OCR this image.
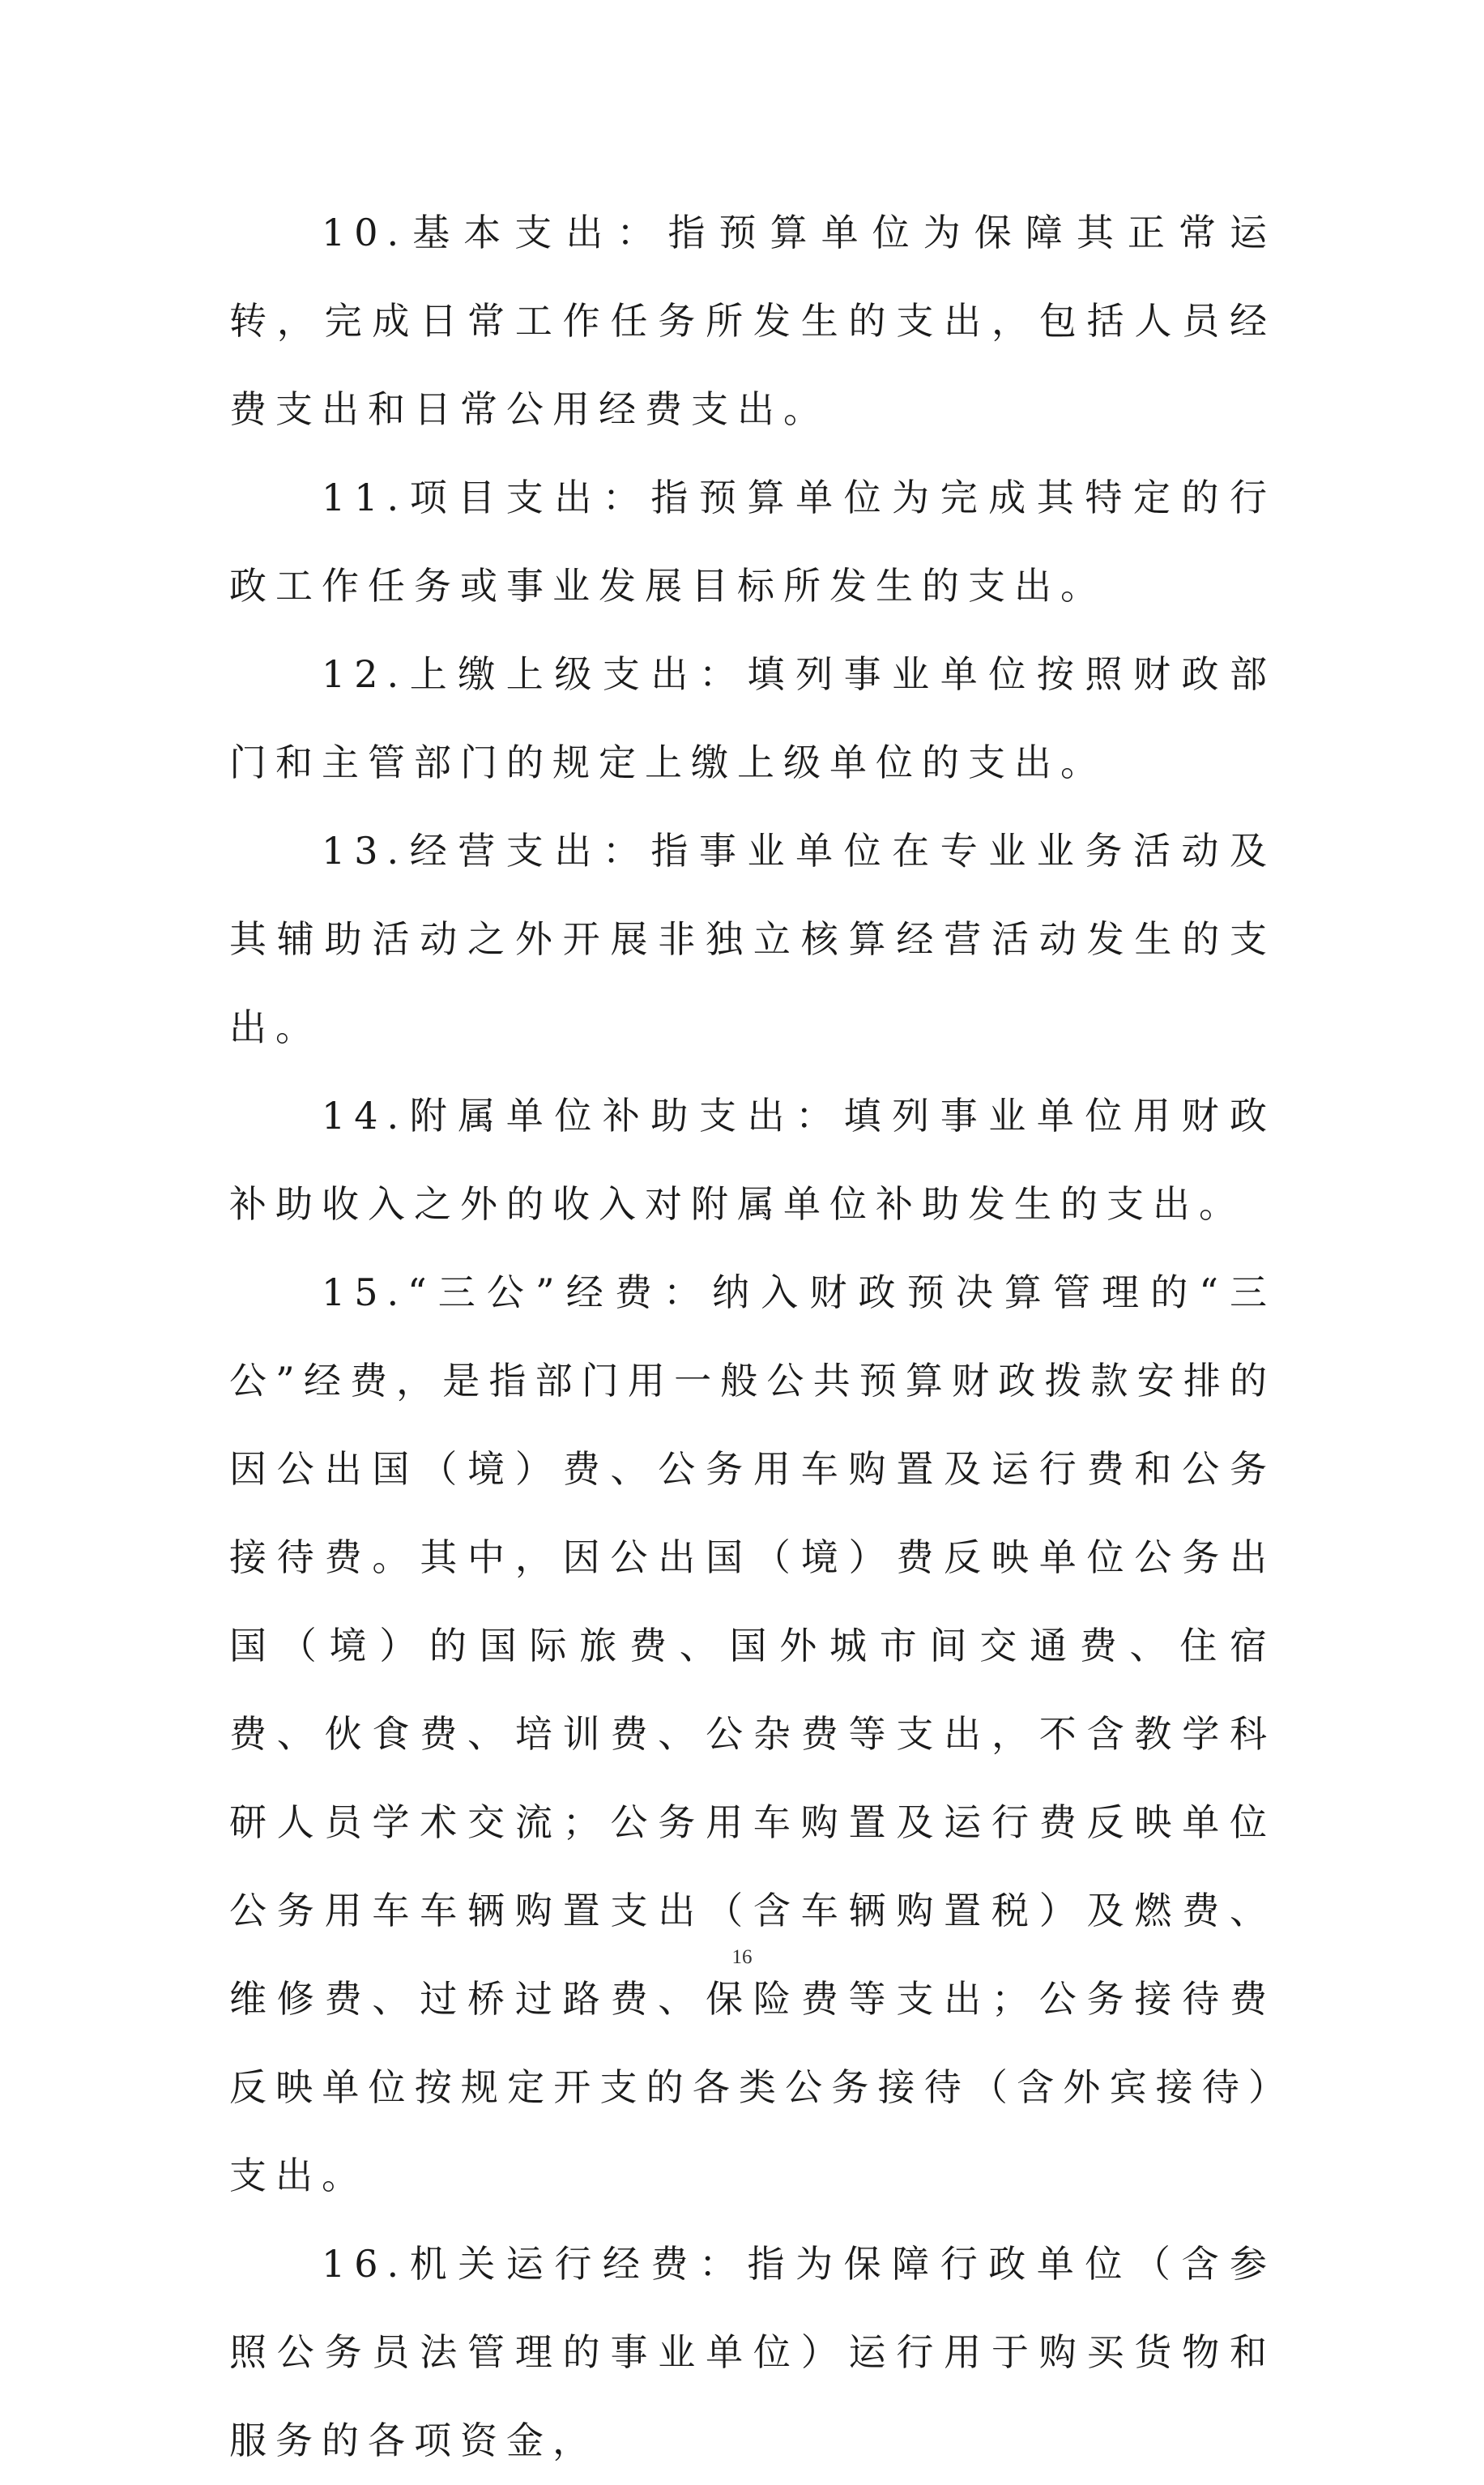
10.基本支出：指预算单位为保障其正常运转，完成日常工作任务所发生的支出，包括人员经费支出和日常公用经费支出。

11.项目支出：指预算单位为完成其特定的行政工作任务或事业发展目标所发生的支出。

12.上缴上级支出：填列事业单位按照财政部门和主管部门的规定上缴上级单位的支出。

13.经营支出：指事业单位在专业业务活动及其辅助活动之外开展非独立核算经营活动发生的支出。

14.附属单位补助支出：填列事业单位用财政补助收入之外的收入对附属单位补助发生的支出。

15.“三公”经费：纳入财政预决算管理的“三公”经费，是指部门用一般公共预算财政拨款安排的因公出国（境）费、公务用车购置及运行费和公务接待费。其中，因公出国（境）费反映单位公务出国（境）的国际旅费、国外城市间交通费、住宿费、伙食费、培训费、公杂费等支出，不含教学科研人员学术交流；公务用车购置及运行费反映单位公务用车车辆购置支出（含车辆购置税）及燃费、维修费、过桥过路费、保险费等支出；公务接待费反映单位按规定开支的各类公务接待（含外宾接待）支出。

16.机关运行经费：指为保障行政单位（含参照公务员法管理的事业单位）运行用于购买货物和服务的各项资金，

16
